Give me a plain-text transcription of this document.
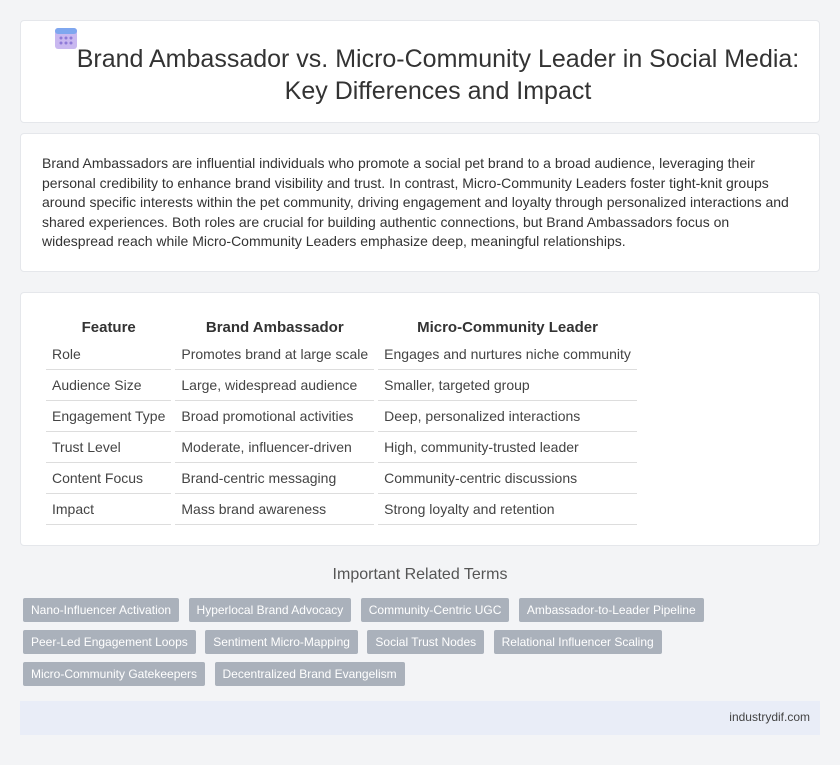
Brand Ambassador vs. Micro-Community Leader in Social Media:
Key Differences and Impact

Brand Ambassadors are influential individuals who promote a social pet brand to a broad audience, leveraging their personal credibility to enhance brand visibility and trust. In contrast, Micro-Community Leaders foster tight-knit groups around specific interests within the pet community, driving engagement and loyalty through personalized interactions and shared experiences. Both roles are crucial for building authentic connections, but Brand Ambassadors focus on widespread reach while Micro-Community Leaders emphasize deep, meaningful relationships.

Feature	Brand Ambassador	Micro-Community Leader
Role	Promotes brand at large scale	Engages and nurtures niche community
Audience Size	Large, widespread audience	Smaller, targeted group
Engagement Type	Broad promotional activities	Deep, personalized interactions
Trust Level	Moderate, influencer-driven	High, community-trusted leader
Content Focus	Brand-centric messaging	Community-centric discussions
Impact	Mass brand awareness	Strong loyalty and retention
Important Related Terms
Nano-Influencer Activation Hyperlocal Brand Advocacy Community-Centric UGC Ambassador-to-Leader Pipeline
Peer-Led Engagement Loops Sentiment Micro-Mapping Social Trust Nodes Relational Influencer Scaling
Micro-Community Gatekeepers Decentralized Brand Evangelism
industrydif.com
